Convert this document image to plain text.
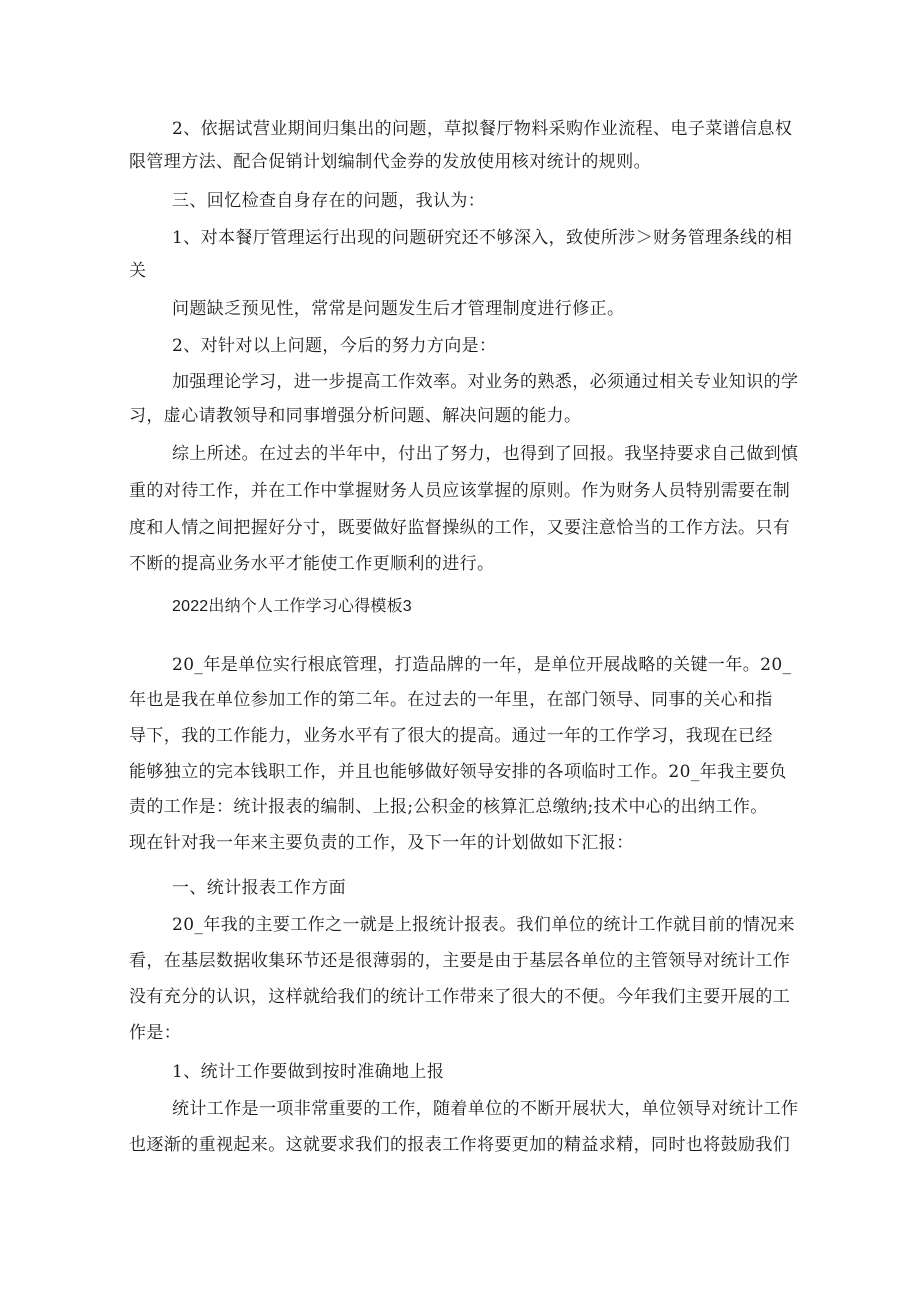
2、依据试营业期间归集出的问题，草拟餐厅物料采购作业流程、电子菜谱信息权
限管理方法、配合促销计划编制代金券的发放使用核对统计的规则。
三、回忆检查自身存在的问题，我认为：
1、对本餐厅管理运行出现的问题研究还不够深入，致使所涉＞财务管理条线的相
关
问题缺乏预见性，常常是问题发生后才管理制度进行修正。
2、对针对以上问题，今后的努力方向是：
加强理论学习，进一步提高工作效率。对业务的熟悉，必须通过相关专业知识的学
习，虚心请教领导和同事增强分析问题、解决问题的能力。
综上所述。在过去的半年中，付出了努力，也得到了回报。我坚持要求自己做到慎
重的对待工作，并在工作中掌握财务人员应该掌握的原则。作为财务人员特别需要在制
度和人情之间把握好分寸，既要做好监督操纵的工作，又要注意恰当的工作方法。只有
不断的提高业务水平才能使工作更顺利的进行。
2022出纳个人工作学习心得模板3
20_年是单位实行根底管理，打造品牌的一年，是单位开展战略的关键一年。20_
年也是我在单位参加工作的第二年。在过去的一年里，在部门领导、同事的关心和指
导下，我的工作能力，业务水平有了很大的提高。通过一年的工作学习，我现在已经
能够独立的完本钱职工作，并且也能够做好领导安排的各项临时工作。20_年我主要负
责的工作是：统计报表的编制、上报;公积金的核算汇总缴纳;技术中心的出纳工作。
现在针对我一年来主要负责的工作，及下一年的计划做如下汇报：
一、统计报表工作方面
20_年我的主要工作之一就是上报统计报表。我们单位的统计工作就目前的情况来
看，在基层数据收集环节还是很薄弱的，主要是由于基层各单位的主管领导对统计工作
没有充分的认识，这样就给我们的统计工作带来了很大的不便。今年我们主要开展的工
作是：
1、统计工作要做到按时准确地上报
统计工作是一项非常重要的工作，随着单位的不断开展状大，单位领导对统计工作
也逐渐的重视起来。这就要求我们的报表工作将要更加的精益求精，同时也将鼓励我们
